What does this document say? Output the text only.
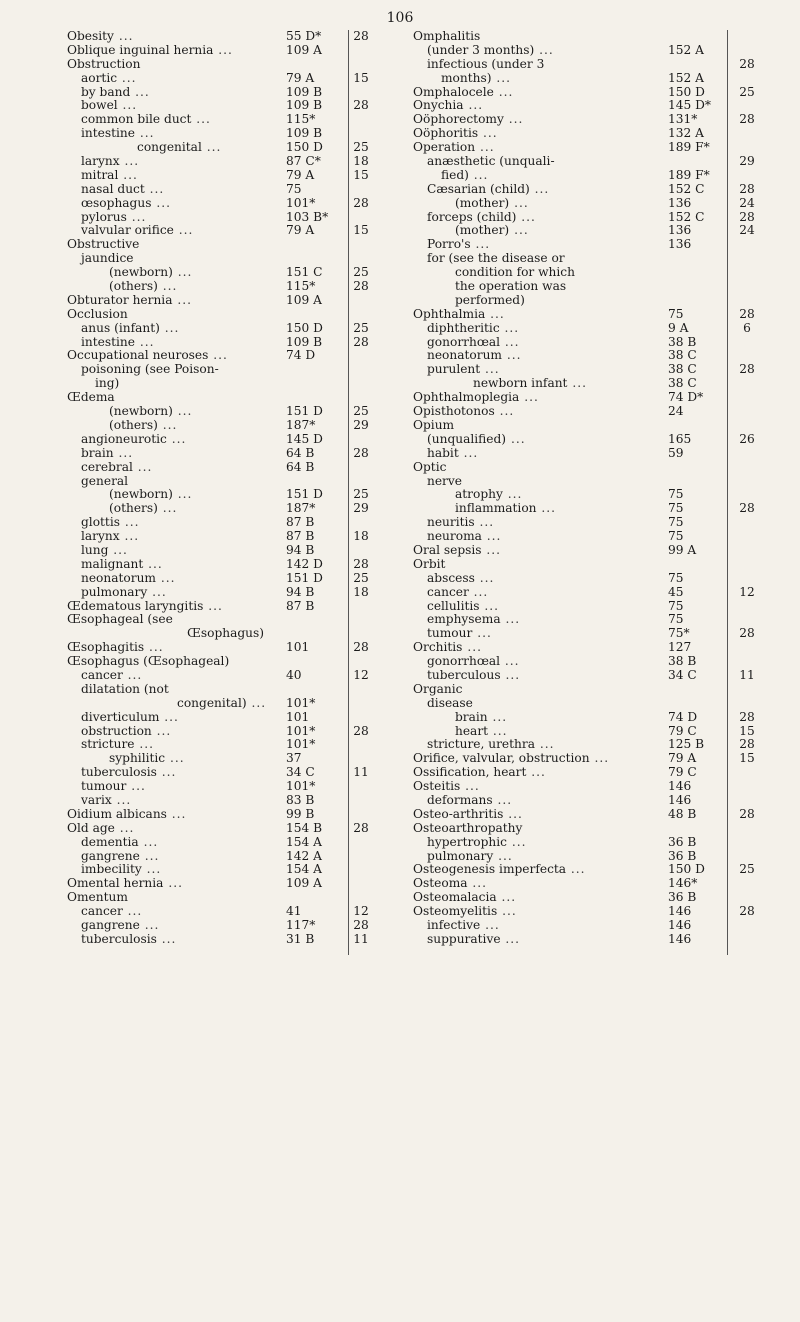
106
Obesity ...	55 D*	28
Oblique inguinal hernia ...	109 A
Obstruction
aortic ...	79 A	15
by band ...	109 B
bowel ...	109 B	28
common bile duct ...	115*
intestine ...	109 B
congenital ...	150 D	25
larynx ...	87 C*	18
mitral ...	79 A	15
nasal duct ...	75
œsophagus ...	101*	28
pylorus ...	103 B*
valvular orifice ...	79 A	15
Obstructive
jaundice
(newborn) ...	151 C	25
(others) ...	115*	28
Obturator hernia ...	109 A
Occlusion
anus (infant) ...	150 D	25
intestine ...	109 B	28
Occupational neuroses ...	74 D
poisoning (see Poison-
ing)
Œdema
(newborn) ...	151 D	25
(others) ...	187*	29
angioneurotic ...	145 D
brain ...	64 B	28
cerebral ...	64 B
general
(newborn) ...	151 D	25
(others) ...	187*	29
glottis ...	87 B
larynx ...	87 B	18
lung ...	94 B
malignant ...	142 D	28
neonatorum ...	151 D	25
pulmonary ...	94 B	18
Œdematous laryngitis ...	87 B
Œsophageal (see
Œsophagus)
Œsophagitis ...	101	28
Œsophagus (Œsophageal)
cancer ...	40	12
dilatation (not
congenital) ... 101*
diverticulum ...	101
obstruction ...	101*	28
stricture ...	101*
syphilitic ...	37
tuberculosis ...	34 C	11
tumour ...	101*
varix ...	83 B
Oidium albicans ...	99 B
Old age ...	154 B	28
dementia ...	154 A
gangrene ...	142 A
imbecility ...	154 A
Omental hernia ...	109 A
Omentum
cancer ...	41	12
gangrene ...	117*	28
tuberculosis ...	31 B	11
Omphalitis
(under 3 months) ...	152 A
infectious (under 3	28
months) ...	152 A
Omphalocele ...	150 D	25
Onychia ...	145 D*
Oöphorectomy ...	131*	28
Oöphoritis ...	132 A
Operation ...	189 F*
anæsthetic (unquali-	29
fied) ...	189 F*
Cæsarian (child) ...	152 C	28
(mother) ...	136	24
forceps (child) ...	152 C	28
(mother) ...	136	24
Porro's ...	136
for (see the disease or
condition for which
the operation was
performed)
Ophthalmia ...	75	28
diphtheritic ...	9 A	6
gonorrhœal ...	38 B
neonatorum ...	38 C
purulent ...	38 C	28
newborn infant ...	38 C
Ophthalmoplegia ...	74 D*
Opisthotonos ...	24
Opium
(unqualified) ...	165	26
habit ...	59
Optic
nerve
atrophy ...	75
inflammation ...	75	28
neuritis ...	75
neuroma ...	75
Oral sepsis ...	99 A
Orbit
abscess ...	75
cancer ...	45	12
cellulitis ...	75
emphysema ...	75
tumour ...	75*	28
Orchitis ...	127
gonorrhœal ...	38 B
tuberculous ...	34 C	11
Organic
disease
brain ...	74 D	28
heart ...	79 C	15
stricture, urethra ...	125 B	28
Orifice, valvular, obstruction ...	79 A	15
Ossification, heart ...	79 C
Osteitis ...	146
deformans ...	146
Osteo-arthritis ...	48 B	28
Osteoarthropathy
hypertrophic ...	36 B
pulmonary ...	36 B
Osteogenesis imperfecta ...	150 D	25
Osteoma ...	146*
Osteomalacia ...	36 B
Osteomyelitis ...	146	28
infective ...	146
suppurative ...	146
